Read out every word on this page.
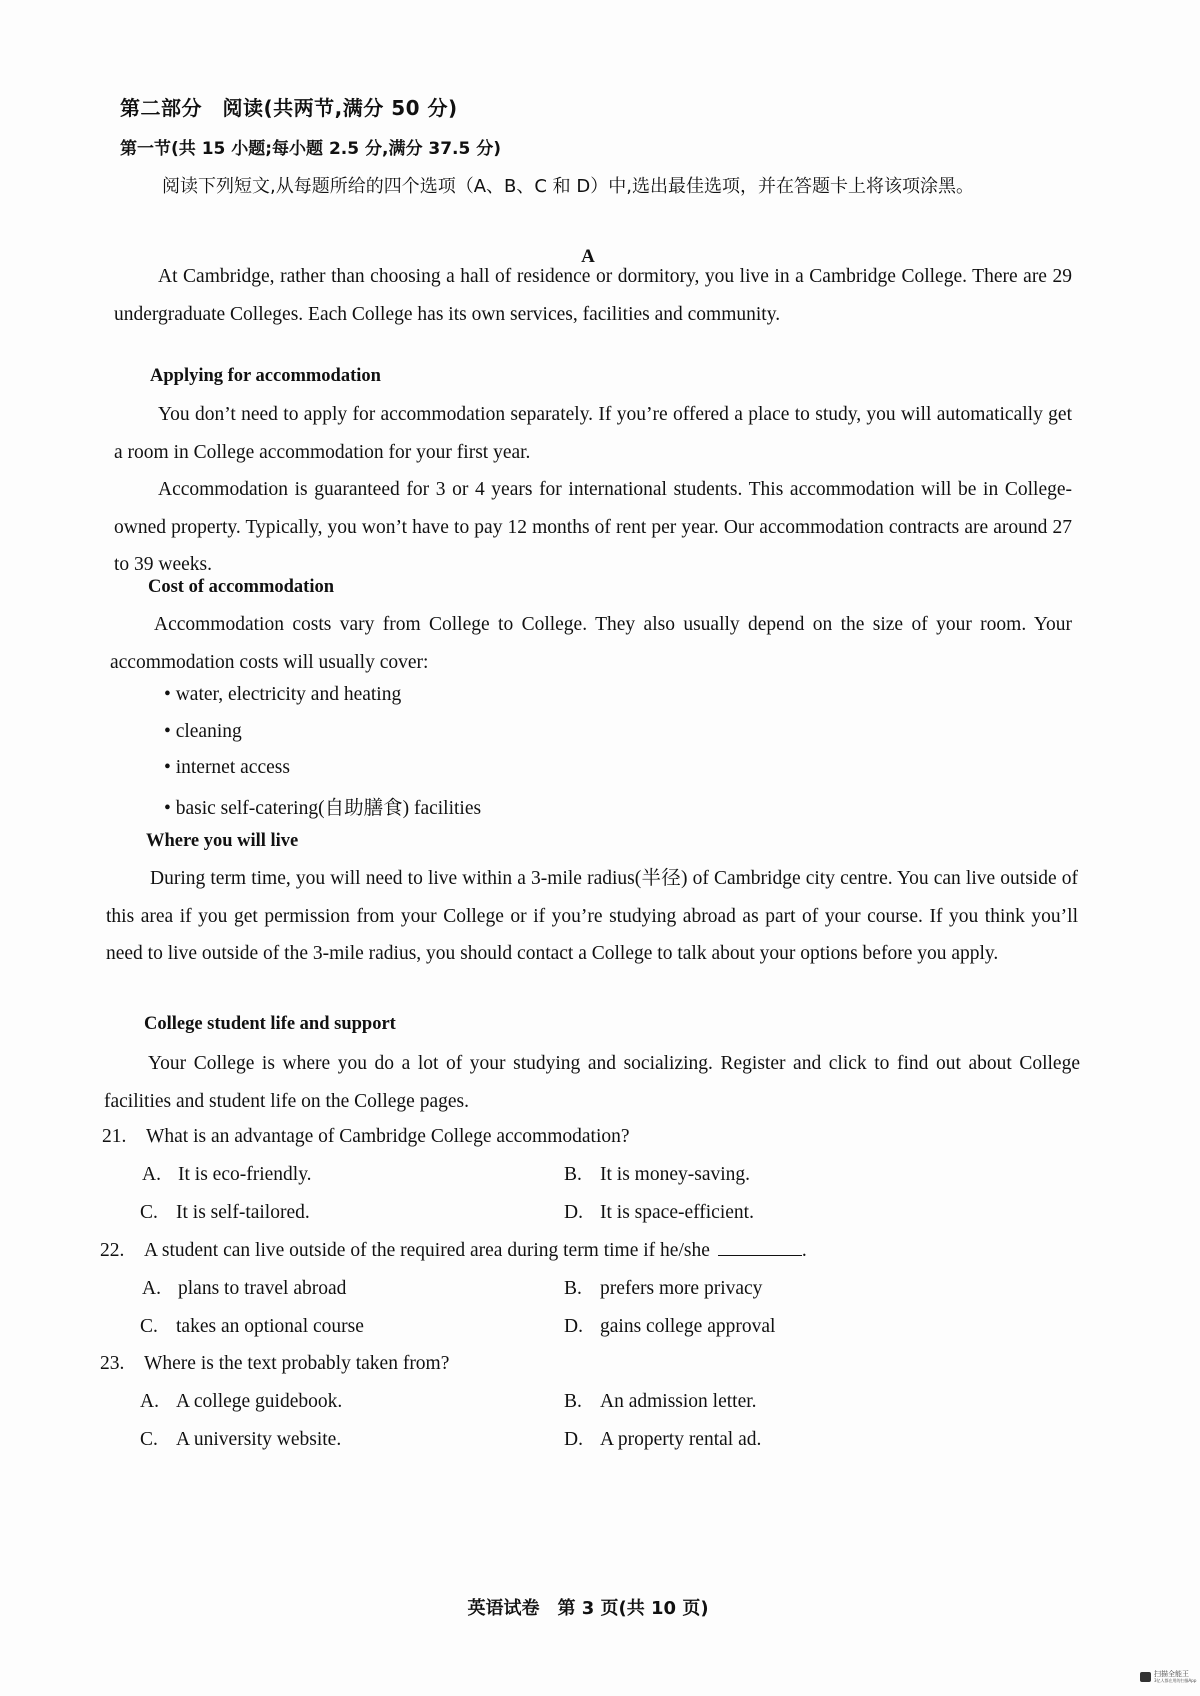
第二部分　阅读(共两节,满分 50 分)
第一节(共 15 小题;每小题 2.5 分,满分 37.5 分)
阅读下列短文,从每题所给的四个选项（A、B、C 和 D）中,选出最佳选项，并在答题卡上将该项涂黑。
A

At Cambridge, rather than choosing a hall of residence or dormitory, you live in a Cambridge College. There are 29 undergraduate Colleges. Each College has its own services, facilities and community.

Applying for accommodation

You don’t need to apply for accommodation separately. If you’re offered a place to study, you will automatically get a room in College accommodation for your first year.

Accommodation is guaranteed for 3 or 4 years for international students. This accommodation will be in College-owned property. Typically, you won’t have to pay 12 months of rent per year. Our accommodation contracts are around 27 to 39 weeks.

Cost of accommodation

Accommodation costs vary from College to College. They also usually depend on the size of your room. Your accommodation costs will usually cover:

• water, electricity and heating
• cleaning
• internet access
• basic self-catering(自助膳食) facilities
Where you will live

During term time, you will need to live within a 3-mile radius(半径) of Cambridge city centre. You can live outside of this area if you get permission from your College or if you’re studying abroad as part of your course. If you think you’ll need to live outside of the 3-mile radius, you should contact a College to talk about your options before you apply.

College student life and support

Your College is where you do a lot of your studying and socializing. Register and click to find out about College facilities and student life on the College pages.

21. What is an advantage of Cambridge College accommodation?
A. It is eco-friendly.	B. It is money-saving.
C. It is self-tailored.	D. It is space-efficient.
22. A student can live outside of the required area during term time if he/she	.
A. plans to travel abroad	B. prefers more privacy
C. takes an optional course	D. gains college approval
23. Where is the text probably taken from?
A. A college guidebook.	B. An admission letter.
C. A university website.	D. A property rental ad.
英语试卷　第 3 页(共 10 页)
扫描全能王
3亿人都在用的扫描App
